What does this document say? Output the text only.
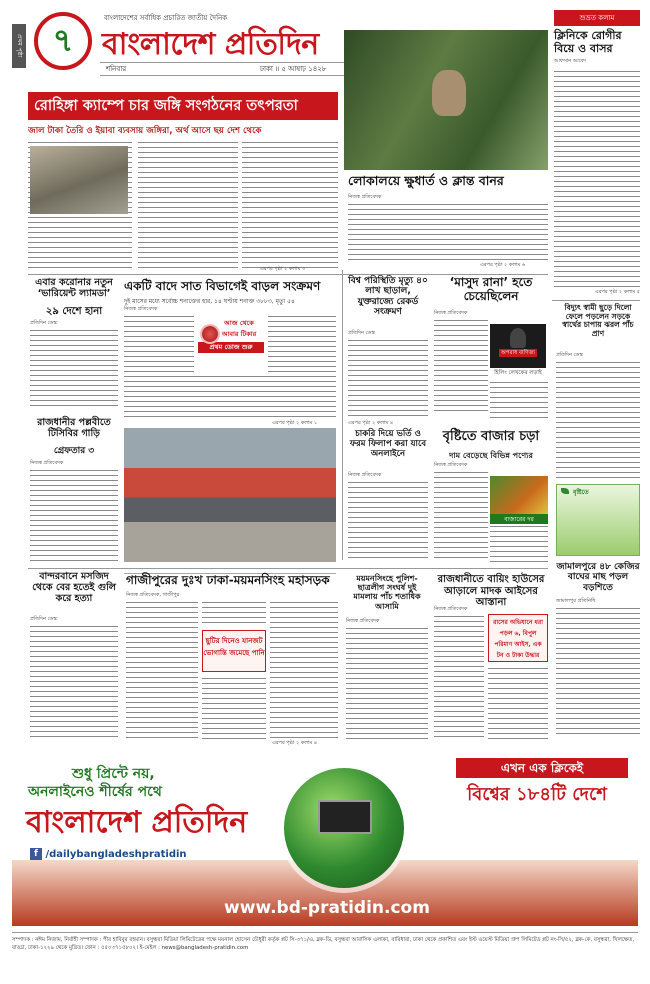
প্রথম পৃষ্ঠা ৭
বাংলাদেশের সর্বাধিক প্রচারিত জাতীয় দৈনিক
বাংলাদেশ প্রতিদিন
শনিবার	ঢাকা ॥ ৫ আষাঢ় ১৪২৮
শুভ্রত কলাম
ক্লিনিকে রোগীর বিয়ে ও বাসর
আফসান আবেদ
এরপর পৃষ্ঠা ২ কলাম ৫
রোহিঙ্গা ক্যাম্পে চার জঙ্গি সংগঠনের তৎপরতা
জাল টাকা তৈরি ও ইয়াবা ব্যবসায় জঙ্গিরা, অর্থ আসে ছয় দেশ থেকে
এরপর পৃষ্ঠা ২ কলাম ৩
লোকালয়ে ক্ষুধার্ত ও ক্লান্ত বানর
নিজস্ব প্রতিবেদক
এরপর পৃষ্ঠা ২ কলাম ৬
এবার করোনার নতুন ‘ভারিয়েন্ট ল্যামডা’
২৯ দেশে হানা
প্রতিদিন ডেস্ক
রাজধানীর পল্লবীতে টিসিবির গাড়ি
গ্রেফতার ৩
নিজস্ব প্রতিবেদক
একটি বাদে সাত বিভাগেই বাড়ল সংক্রমণ
দুই মাসের মধ্যে সর্বোচ্চ শনাক্তের হার, ১৪ ঘণ্টায় শনাক্ত ৩৮৮৩, মৃত্যু ৫৪
নিজস্ব প্রতিবেদক
আজ থেকে
আবার টিকার
প্রথম ডোজ শুরু
এরপর পৃষ্ঠা ২ কলাম ১
বিশ্ব পরিস্থিতি মৃত্যু ৪০ লাখ ছাড়াল, যুক্তরাজ্যে রেকর্ড সংক্রমণ
প্রতিদিন ডেস্ক
এরপর পৃষ্ঠা ২ কলাম ৪
‘মাসুদ রানা’ হতে চেয়েছিলেন
নিজস্ব প্রতিবেদক
অপরাধ বাণিজ্য
হিলিং লেখকের লড়াই
চাকরি দিয়ে ভর্তি ও ফরম ফিলাপ করা যাবে অনলাইনে
নিজস্ব প্রতিবেদক
বৃষ্টিতে বাজার চড়া
দাম বেড়েছে বিভিন্ন পণ্যের
নিজস্ব প্রতিবেদক
বাজারের দর
বিদ্যুৎ স্বামী ছুড়ে দিলো ফেলে পড়লেন সড়কে স্বার্থের চাপায় ঝরল পাঁচ প্রাণ
প্রতিদিন ডেস্ক
বৃষ্টিতে
জামালপুরে ৪৮ কেজির বাঘের মাছ পড়ল বড়শিতে
জামালপুর প্রতিনিধি
বান্দরবানে মসজিদ থেকে বের হতেই গুলি করে হত্যা
প্রতিদিন ডেস্ক
গাজীপুরের দুঃখ ঢাকা-ময়মনসিংহ মহাসড়ক
নিজস্ব প্রতিবেদক, গাজীপুর
ছুটির দিনেও যানজট ভোগান্তি জমেছে পানি
এরপর পৃষ্ঠা ২ কলাম ৪
ময়মনসিংহে পুলিশ-ছাত্রলীগ সংঘর্ষ দুই মামলায় পাঁচ শতাধিক আসামি
নিজস্ব প্রতিবেদক
রাজধানীতে বায়িং হাউসের আড়ালে মাদক আইসের আস্তানা
নিজস্ব প্রতিবেদক
রাসের অভিযানে ধরা পড়ল ৬, বিপুল পরিমাণ আইস, এক টন ও টাকা উদ্ধার
শুধু প্রিন্টে নয়,
অনলাইনেও শীর্ষের পথে
বাংলাদেশ প্রতিদিন
f /dailybangladeshpratidin
এখন এক ক্লিকেই
বিশ্বের ১৮৪টি দেশে
www.bd-pratidin.com
সম্পাদক : নঈম নিজাম, নির্বাহী সম্পাদক : পীর হাবিবুর রহমান। বসুন্ধরা মিডিয়া লিমিটেডের পক্ষে ময়নাল হোসেন চৌধুরী কর্তৃক প্লট সি-৩৭১/এ, ব্লক-ডি, বসুন্ধরা আবাসিক এলাকা, বারিধারা, ঢাকা থেকে প্রকাশিত এবং ইস্ট ওয়েস্ট মিডিয়া গ্রুপ লিমিটেড প্লট নং-সি/৫২, ব্লক-কে, বসুন্ধরা, খিলক্ষেত, বাড্ডা, ঢাকা-১২২৯ থেকে মুদ্রিত। ফোন : ৫৫০৩৭১৫৮০২। ই-মেইল : news@bangladesh-pratidin.com
